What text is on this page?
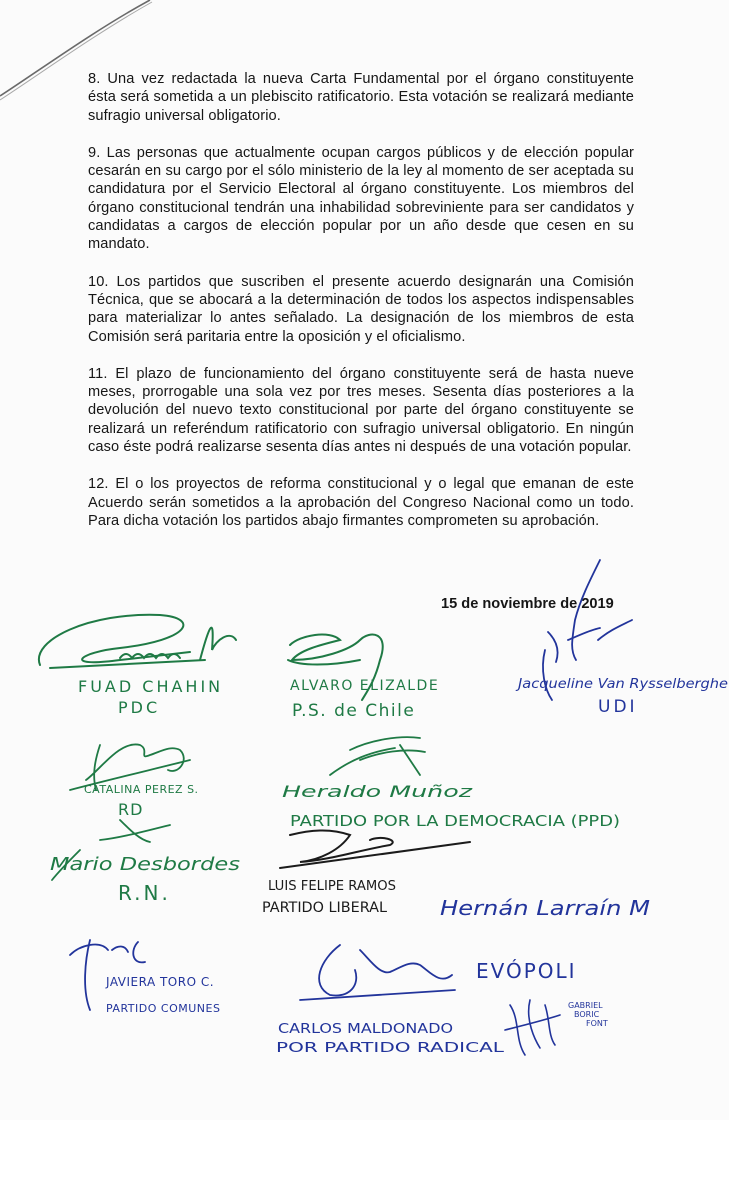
8. Una vez redactada la nueva Carta Fundamental por el órgano constituyente ésta será sometida a un plebiscito ratificatorio. Esta votación se realizará mediante sufragio universal obligatorio.

9. Las personas que actualmente ocupan cargos públicos y de elección popular cesarán en su cargo por el sólo ministerio de la ley al momento de ser aceptada su candidatura por el Servicio Electoral al órgano constituyente. Los miembros del órgano constitucional tendrán una inhabilidad sobreviniente para ser candidatos y candidatas a cargos de elección popular por un año desde que cesen en su mandato.

10. Los partidos que suscriben el presente acuerdo designarán una Comisión Técnica, que se abocará a la determinación de todos los aspectos indispensables para materializar lo antes señalado. La designación de los miembros de esta Comisión será paritaria entre la oposición y el oficialismo.

11. El plazo de funcionamiento del órgano constituyente será de hasta nueve meses, prorrogable una sola vez por tres meses. Sesenta días posteriores a la devolución del nuevo texto constitucional por parte del órgano constituyente se realizará un referéndum ratificatorio con sufragio universal obligatorio. En ningún caso éste podrá realizarse sesenta días antes ni después de una votación popular.

12. El o los proyectos de reforma constitucional y o legal que emanan de este Acuerdo serán sometidos a la aprobación del Congreso Nacional como un todo. Para dicha votación los partidos abajo firmantes comprometen su aprobación.

15 de noviembre de 2019
FUAD CHAHIN
PDC
ALVARO ELIZALDE
P.S. de Chile
Jacqueline Van Rysselberghe
UDI
CATALINA PEREZ S.
RD
Heraldo Muñoz
PARTIDO POR LA DEMOCRACIA (PPD)
Mario Desbordes
R.N.	LUIS FELIPE RAMOS
PARTIDO LIBERAL	Hernán Larraín M
JAVIERA TORO C.
PARTIDO COMUNES
EVÓPOLI
CARLOS MALDONADO
POR PARTIDO RADICAL
GABRIEL
BORIC
FONT
